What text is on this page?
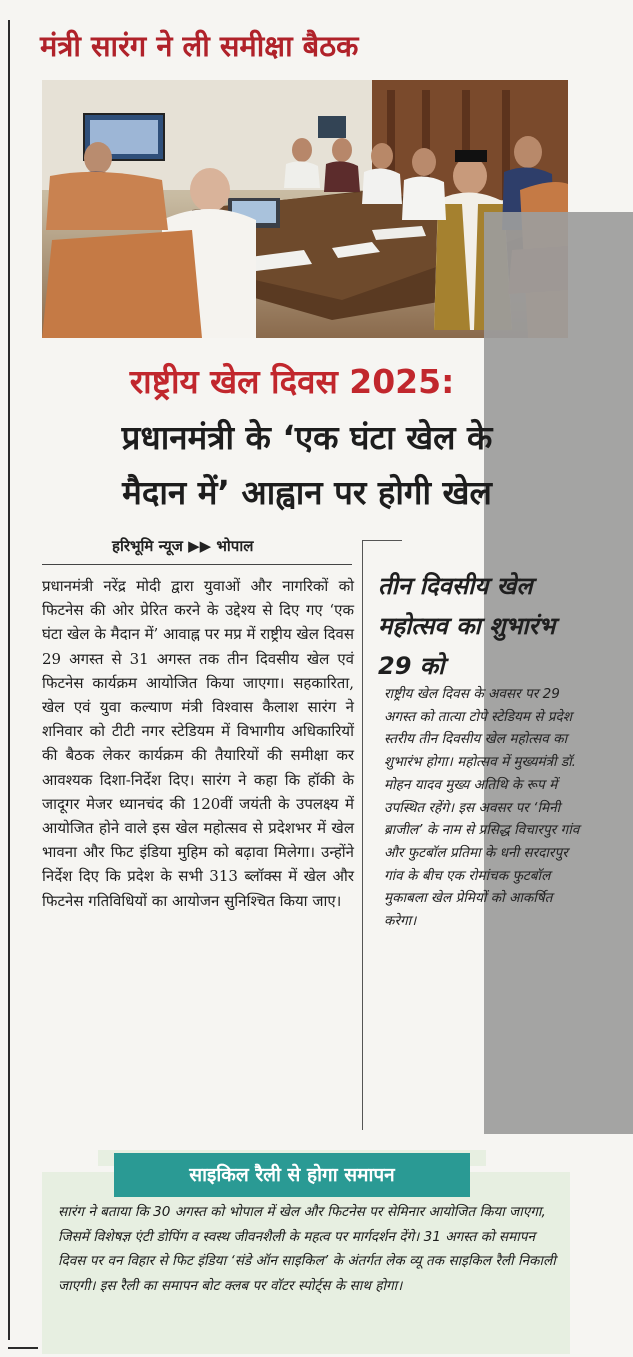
मंत्री सारंग ने ली समीक्षा बैठक
राष्ट्रीय खेल दिवस 2025:
प्रधानमंत्री के ‘एक घंटा खेल के
मैदान में’ आह्वान पर होगी खेल
हरिभूमि न्यूज ▶▶ भोपाल
प्रधानमंत्री नरेंद्र मोदी द्वारा युवाओं और नागरिकों को फिटनेस की ओर प्रेरित करने के उद्देश्य से दिए गए ‘एक घंटा खेल के मैदान में’ आवाह्न पर मप्र में राष्ट्रीय खेल दिवस 29 अगस्त से 31 अगस्त तक तीन दिवसीय खेल एवं फिटनेस कार्यक्रम आयोजित किया जाएगा। सहकारिता, खेल एवं युवा कल्याण मंत्री विश्वास कैलाश सारंग ने शनिवार को टीटी नगर स्टेडियम में विभागीय अधिकारियों की बैठक लेकर कार्यक्रम की तैयारियों की समीक्षा कर आवश्यक दिशा-निर्देश दिए। सारंग ने कहा कि हॉकी के जादूगर मेजर ध्यानचंद की 120वीं जयंती के उपलक्ष्य में आयोजित होने वाले इस खेल महोत्सव से प्रदेशभर में खेल भावना और फिट इंडिया मुहिम को बढ़ावा मिलेगा। उन्होंने निर्देश दिए कि प्रदेश के सभी 313 ब्लॉक्स में खेल और फिटनेस गतिविधियों का आयोजन सुनिश्चित किया जाए।
तीन दिवसीय खेल महोत्सव का शुभारंभ 29 को
राष्ट्रीय खेल दिवस के अवसर पर 29 अगस्त को तात्या टोपे स्टेडियम से प्रदेश स्तरीय तीन दिवसीय खेल महोत्सव का शुभारंभ होगा। महोत्सव में मुख्यमंत्री डॉ. मोहन यादव मुख्य अतिथि के रूप में उपस्थित रहेंगे। इस अवसर पर ‘मिनी ब्राजील’ के नाम से प्रसिद्ध विचारपुर गांव और फुटबॉल प्रतिमा के धनी सरदारपुर गांव के बीच एक रोमांचक फुटबॉल मुकाबला खेल प्रेमियों को आकर्षित करेगा।
साइकिल रैली से होगा समापन
सारंग ने बताया कि 30 अगस्त को भोपाल में खेल और फिटनेस पर सेमिनार आयोजित किया जाएगा, जिसमें विशेषज्ञ एंटी डोपिंग व स्वस्थ जीवनशैली के महत्व पर मार्गदर्शन देंगे। 31 अगस्त को समापन दिवस पर वन विहार से फिट इंडिया ‘संडे ऑन साइकिल’ के अंतर्गत लेक व्यू तक साइकिल रैली निकाली जाएगी। इस रैली का समापन बोट क्लब पर वॉटर स्पोर्ट्स के साथ होगा।
